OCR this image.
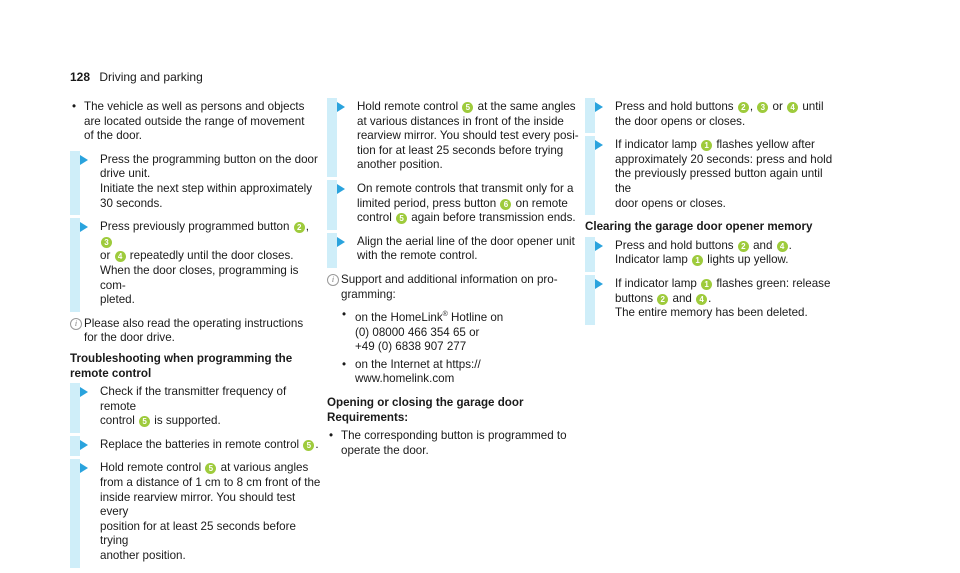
128 Driving and parking
• The vehicle as well as persons and objects
are located outside the range of movement
of the door.
Press the programming button on the door
drive unit.
Initiate the next step within approximately
30 seconds.
Press previously programmed button 2 , 3
or 4 repeatedly until the door closes.
When the door closes, programming is com-
pleted.
i Please also read the operating instructions
for the door drive.
Troubleshooting when programming the
remote control
Check if the transmitter frequency of remote
control 5 is supported.
Replace the batteries in remote control 5 .
Hold remote control 5 at various angles
from a distance of 1 cm to 8 cm front of the
inside rearview mirror. You should test every
position for at least 25 seconds before trying
another position.
Hold remote control 5 at the same angles
at various distances in front of the inside
rearview mirror. You should test every posi-
tion for at least 25 seconds before trying
another position.
On remote controls that transmit only for a
limited period, press button 6 on remote
control 5 again before transmission ends.
Align the aerial line of the door opener unit
with the remote control.
i Support and additional information on pro-
gramming:
• on the HomeLink® Hotline on
(0) 08000 466 354 65 or
+49 (0) 6838 907 277
• on the Internet at https://
www.homelink.com
Opening or closing the garage door
Requirements:
• The corresponding button is programmed to
operate the door.
Press and hold buttons 2 , 3 or 4 until
the door opens or closes.
If indicator lamp 1 flashes yellow after
approximately 20 seconds: press and hold
the previously pressed button again until the
door opens or closes.
Clearing the garage door opener memory
Press and hold buttons 2 and 4 .
Indicator lamp 1 lights up yellow.
If indicator lamp 1 flashes green: release
buttons 2 and 4 .
The entire memory has been deleted.
